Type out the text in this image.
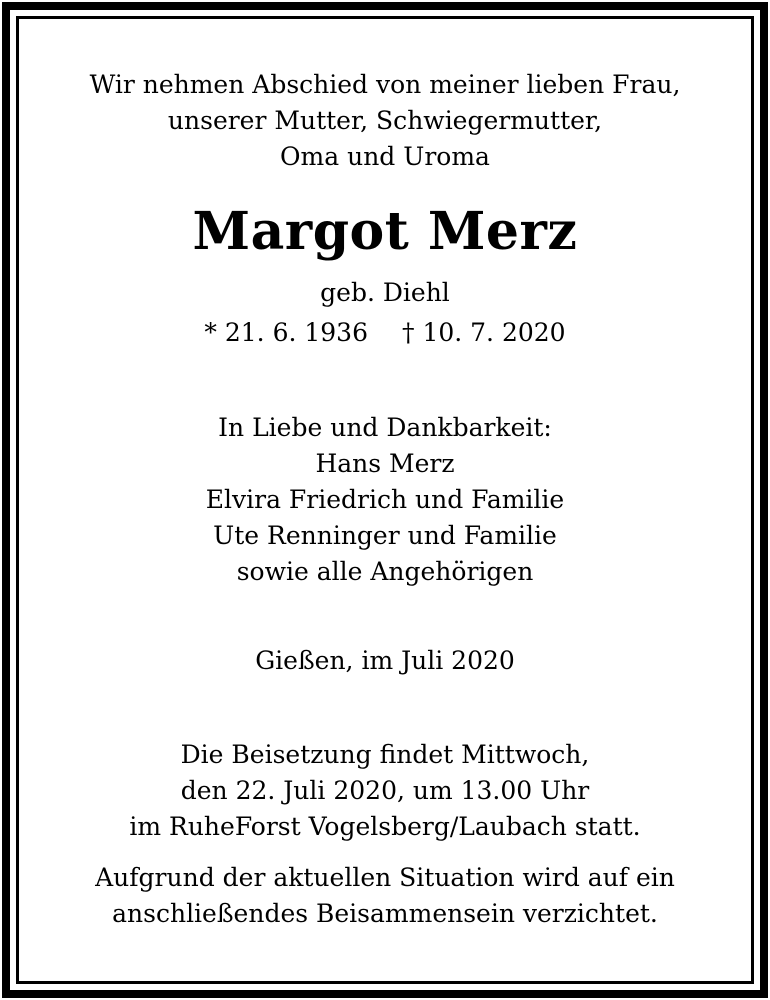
Wir nehmen Abschied von meiner lieben Frau,
unserer Mutter, Schwiegermutter,
Oma und Uroma
Margot Merz
geb. Diehl
* 21. 6. 1936 † 10. 7. 2020
In Liebe und Dankbarkeit:
Hans Merz
Elvira Friedrich und Familie
Ute Renninger und Familie
sowie alle Angehörigen
Gießen, im Juli 2020
Die Beisetzung findet Mittwoch,
den 22. Juli 2020, um 13.00 Uhr
im RuheForst Vogelsberg/Laubach statt.
Aufgrund der aktuellen Situation wird auf ein
anschließendes Beisammensein verzichtet.
